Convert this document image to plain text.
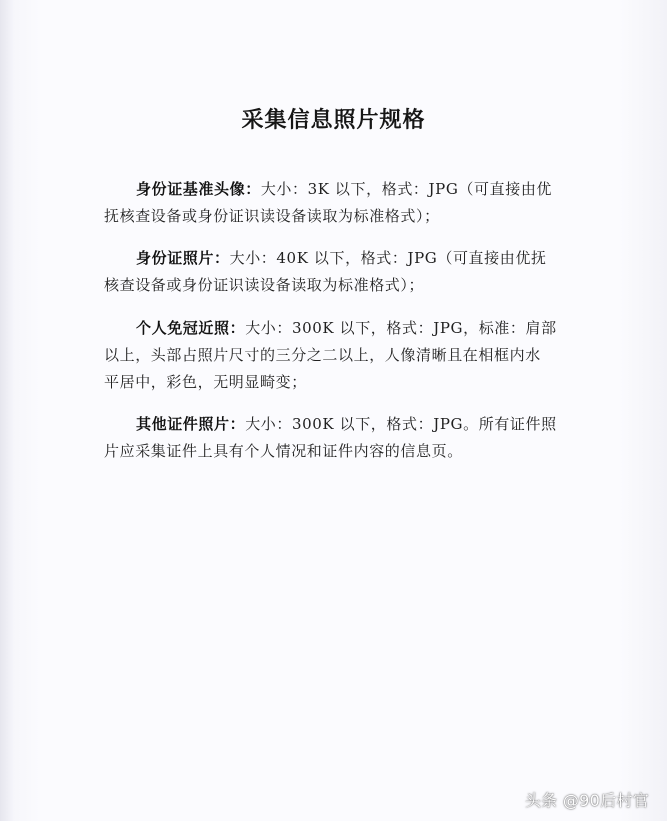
采集信息照片规格
身份证基准头像：大小：3K 以下，格式：JPG（可直接由优
抚核查设备或身份证识读设备读取为标准格式）；
身份证照片：大小：40K 以下，格式：JPG（可直接由优抚
核查设备或身份证识读设备读取为标准格式）；
个人免冠近照：大小：300K 以下，格式：JPG，标准：肩部
以上，头部占照片尺寸的三分之二以上，人像清晰且在相框内水
平居中，彩色，无明显畸变；
其他证件照片：大小：300K 以下，格式：JPG。所有证件照
片应采集证件上具有个人情况和证件内容的信息页。
头条 @90后村官
